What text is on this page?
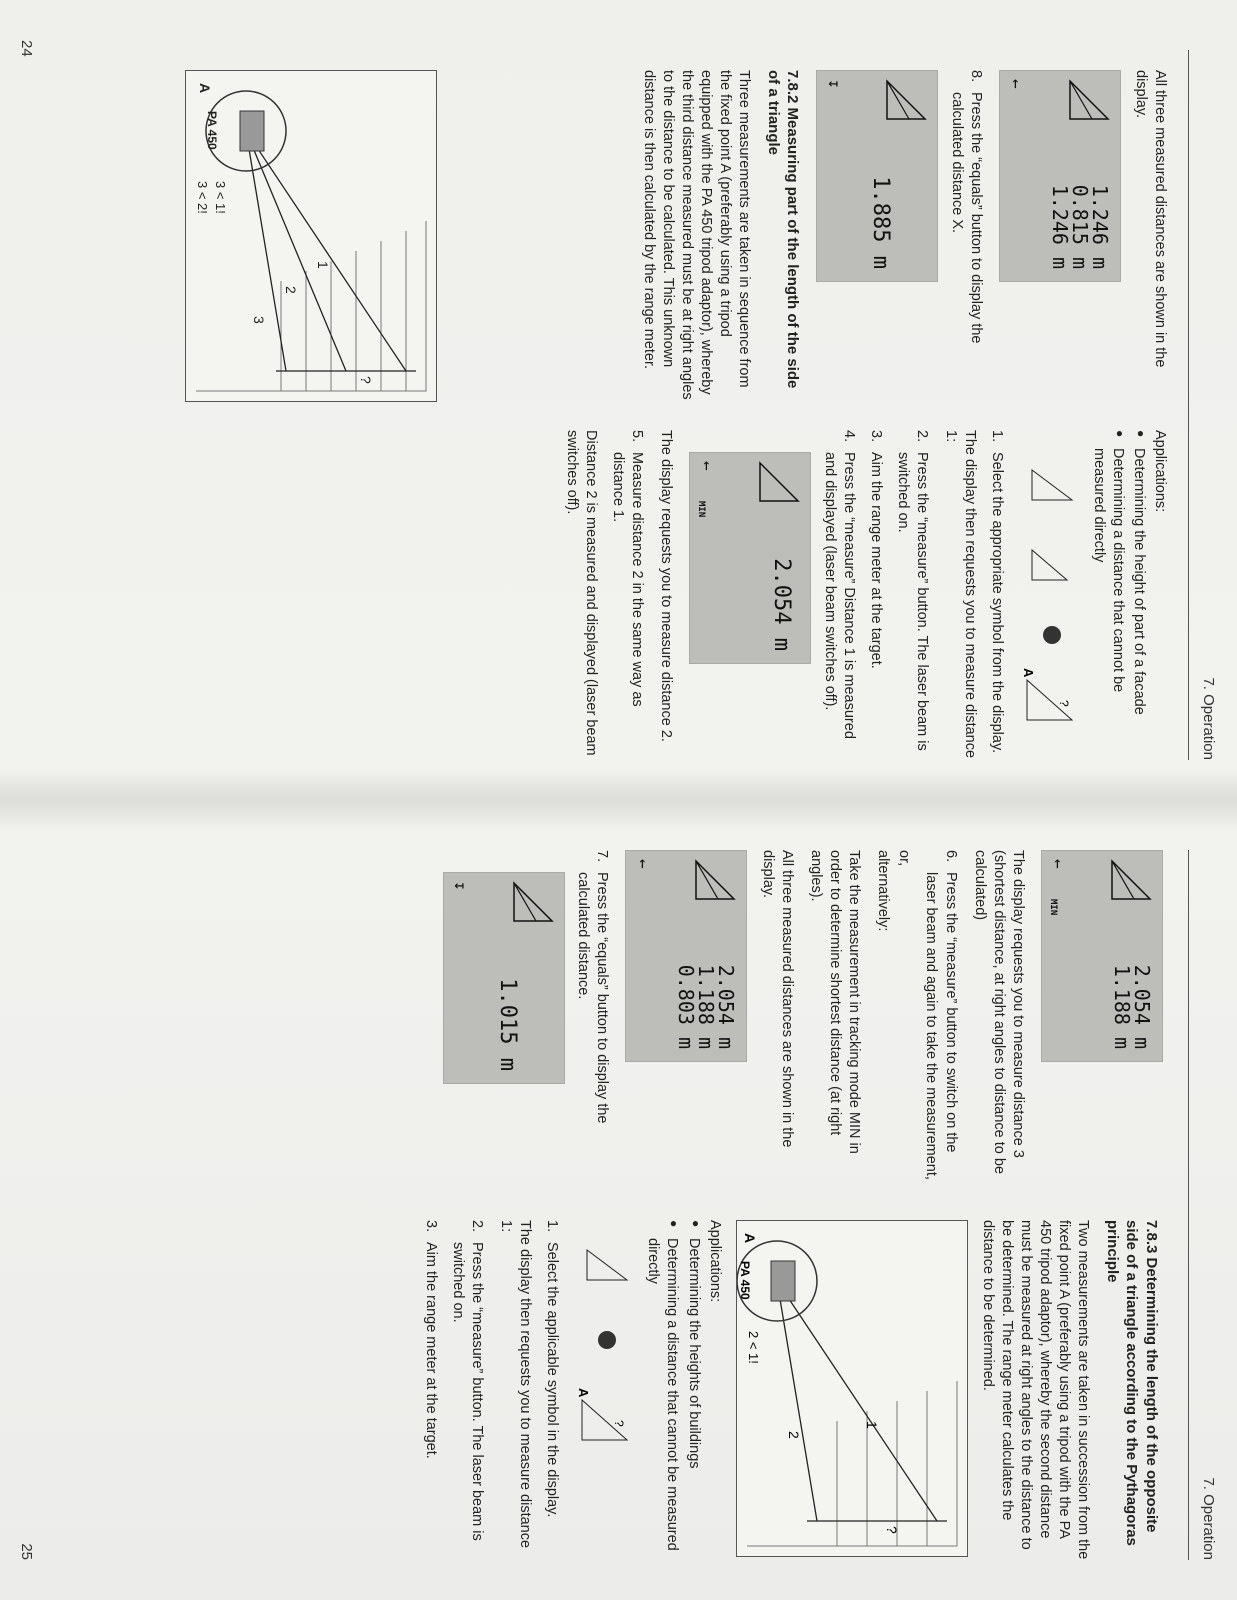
7. Operation

All three measured distances are shown in the display.

1.246 m
0.815 m
1.246 m
←
8.
Press the “equals” button to display the calculated distance X.
1.885 m
↧
7.8.2 Measuring part of the length of the side of a triangle

Three measurements are taken in sequence from the fixed point A (preferably using a tripod equipped with the PA 450 tripod adaptor), whereby the third distance measured must be at right angles to the distance to be calculated. This unknown distance is then calculated by the range meter.

PA 450
A
1
2
3
?
3 < 1!
3 < 2!

Applications:

●
Determining the height of part of a facade
●
Determining a distance that cannot be measured directly
A
?
1.
Select the appropriate symbol from the display.

The display then requests you to measure distance 1:

2.
Press the “measure” button. The laser beam is switched on.
3.
Aim the range meter at the target.
4.
Press the “measure” Distance 1 is measured and displayed (laser beam switches off).
2.054 m
←
MIN

The display requests you to measure distance 2.

5.
Measure distance 2 in the same way as distance 1.

Distance 2 is measured and displayed (laser beam switches off).

24
7. Operation
2.054 m
1.188 m
←
MIN

The display requests you to measure distance 3 (shortest distance, at right angles to distance to be calculated)

6.
Press the “measure” button to switch on the laser beam and again to take the measurement,

or,

alternatively:

Take the measurement in tracking mode MIN in order to determine shortest distance (at right angles).

All three measured distances are shown in the display.

2.054 m
1.188 m
0.803 m
←
7.
Press the “equals” button to display the calculated distance.
1.015 m
↧
7.8.3 Determining the length of the opposite side of a triangle according to the Pythagoras principle

Two measurements are taken in succession from the fixed point A (preferably using a tripod with the PA 450 tripod adaptor), whereby the second distance must be measured at right angles to the distance to be determined. The range meter calculates the distance to be determined.

PA 450
A
1
2
?
2 < 1!

Applications:

●
Determining the heights of buildings
●
Determining a distance that cannot be measured directly
A
?
1.
Select the applicable symbol in the display.

The display then requests you to measure distance 1:

2.
Press the “measure” button. The laser beam is switched on.
3.
Aim the range meter at the target.
25
